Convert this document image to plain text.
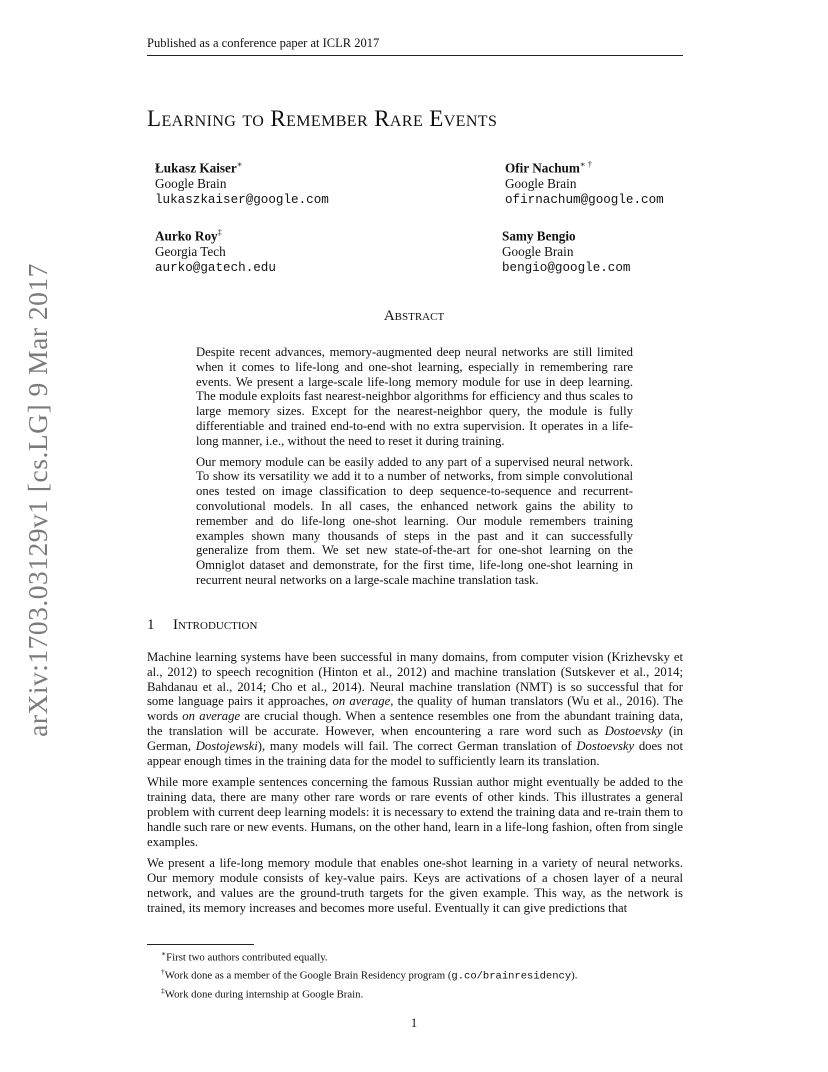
Published as a conference paper at ICLR 2017
arXiv:1703.03129v1 [cs.LG] 9 Mar 2017
Learning to Remember Rare Events
Łukasz Kaiser∗
Google Brain
lukaszkaiser@google.com
Ofir Nachum∗ †
Google Brain
ofirnachum@google.com
Aurko Roy‡
Georgia Tech
aurko@gatech.edu
Samy Bengio
Google Brain
bengio@google.com
Abstract

Despite recent advances, memory-augmented deep neural networks are still limited when it comes to life-long and one-shot learning, especially in remembering rare events. We present a large-scale life-long memory module for use in deep learning. The module exploits fast nearest-neighbor algorithms for efficiency and thus scales to large memory sizes. Except for the nearest-neighbor query, the module is fully differentiable and trained end-to-end with no extra supervision. It operates in a life-long manner, i.e., without the need to reset it during training.

Our memory module can be easily added to any part of a supervised neural network. To show its versatility we add it to a number of networks, from simple convolutional ones tested on image classification to deep sequence-to-sequence and recurrent-convolutional models. In all cases, the enhanced network gains the ability to remember and do life-long one-shot learning. Our module remembers training examples shown many thousands of steps in the past and it can successfully generalize from them. We set new state-of-the-art for one-shot learning on the Omniglot dataset and demonstrate, for the first time, life-long one-shot learning in recurrent neural networks on a large-scale machine translation task.

1 Introduction

Machine learning systems have been successful in many domains, from computer vision (Krizhevsky et al., 2012) to speech recognition (Hinton et al., 2012) and machine translation (Sutskever et al., 2014; Bahdanau et al., 2014; Cho et al., 2014). Neural machine translation (NMT) is so successful that for some language pairs it approaches, on average, the quality of human translators (Wu et al., 2016). The words on average are crucial though. When a sentence resembles one from the abundant training data, the translation will be accurate. However, when encountering a rare word such as Dostoevsky (in German, Dostojewski), many models will fail. The correct German translation of Dostoevsky does not appear enough times in the training data for the model to sufficiently learn its translation.

While more example sentences concerning the famous Russian author might eventually be added to the training data, there are many other rare words or rare events of other kinds. This illustrates a general problem with current deep learning models: it is necessary to extend the training data and re-train them to handle such rare or new events. Humans, on the other hand, learn in a life-long fashion, often from single examples.

We present a life-long memory module that enables one-shot learning in a variety of neural networks. Our memory module consists of key-value pairs. Keys are activations of a chosen layer of a neural network, and values are the ground-truth targets for the given example. This way, as the network is trained, its memory increases and becomes more useful. Eventually it can give predictions that

∗First two authors contributed equally.
†Work done as a member of the Google Brain Residency program (g.co/brainresidency).
‡Work done during internship at Google Brain.
1
